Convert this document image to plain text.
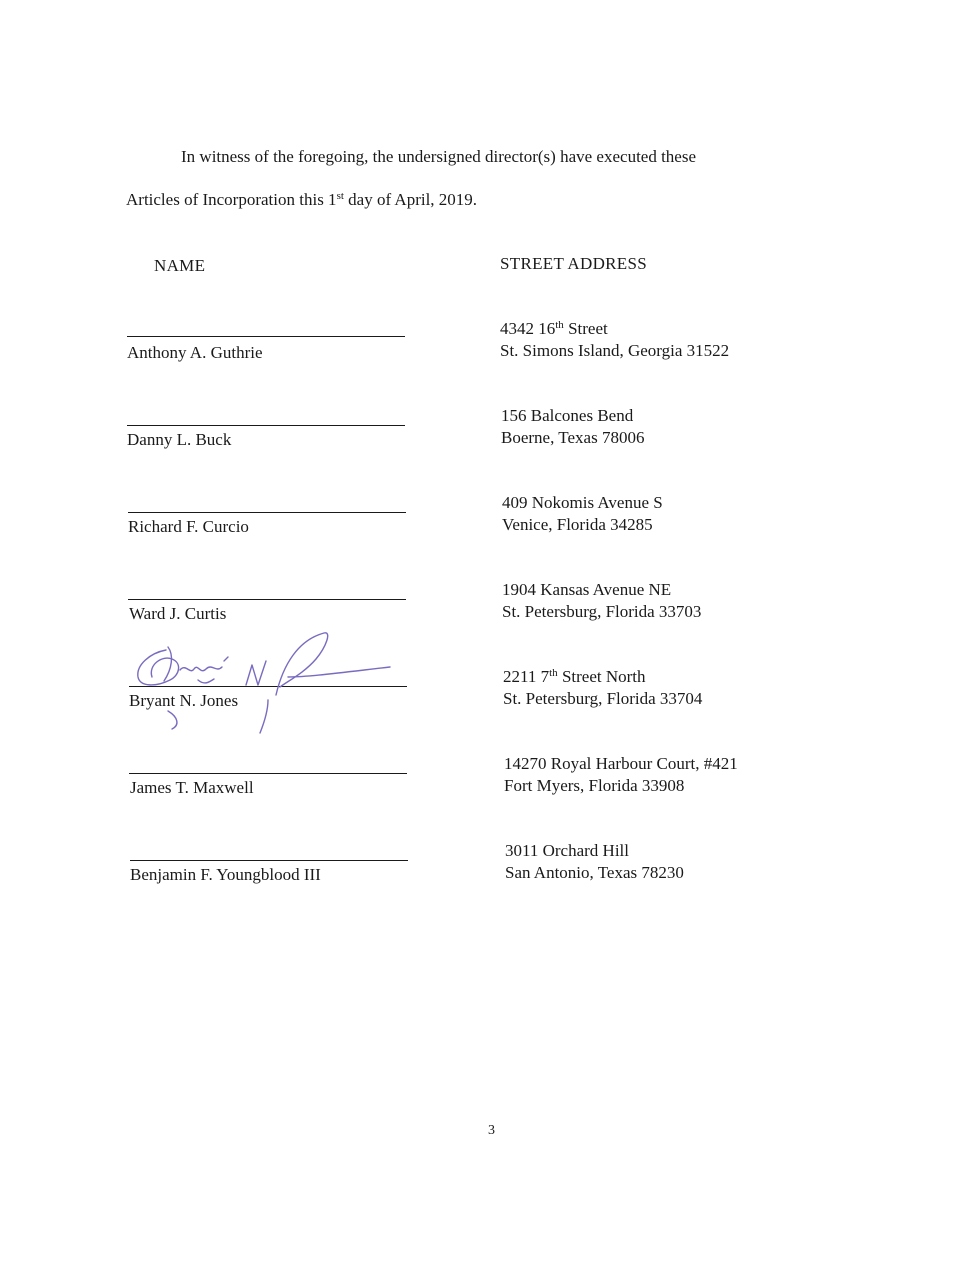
In witness of the foregoing, the undersigned director(s) have executed these
Articles of Incorporation this 1st day of April, 2019.
NAME	STREET ADDRESS
Anthony A. Guthrie
4342 16th Street
St. Simons Island, Georgia 31522
Danny L. Buck
156 Balcones Bend
Boerne, Texas 78006
Richard F. Curcio
409 Nokomis Avenue S
Venice, Florida 34285
Ward J. Curtis
1904 Kansas Avenue NE
St. Petersburg, Florida 33703
Bryant N. Jones
2211 7th Street North
St. Petersburg, Florida 33704
James T. Maxwell
14270 Royal Harbour Court, #421
Fort Myers, Florida 33908
Benjamin F. Youngblood III
3011 Orchard Hill
San Antonio, Texas 78230
3
